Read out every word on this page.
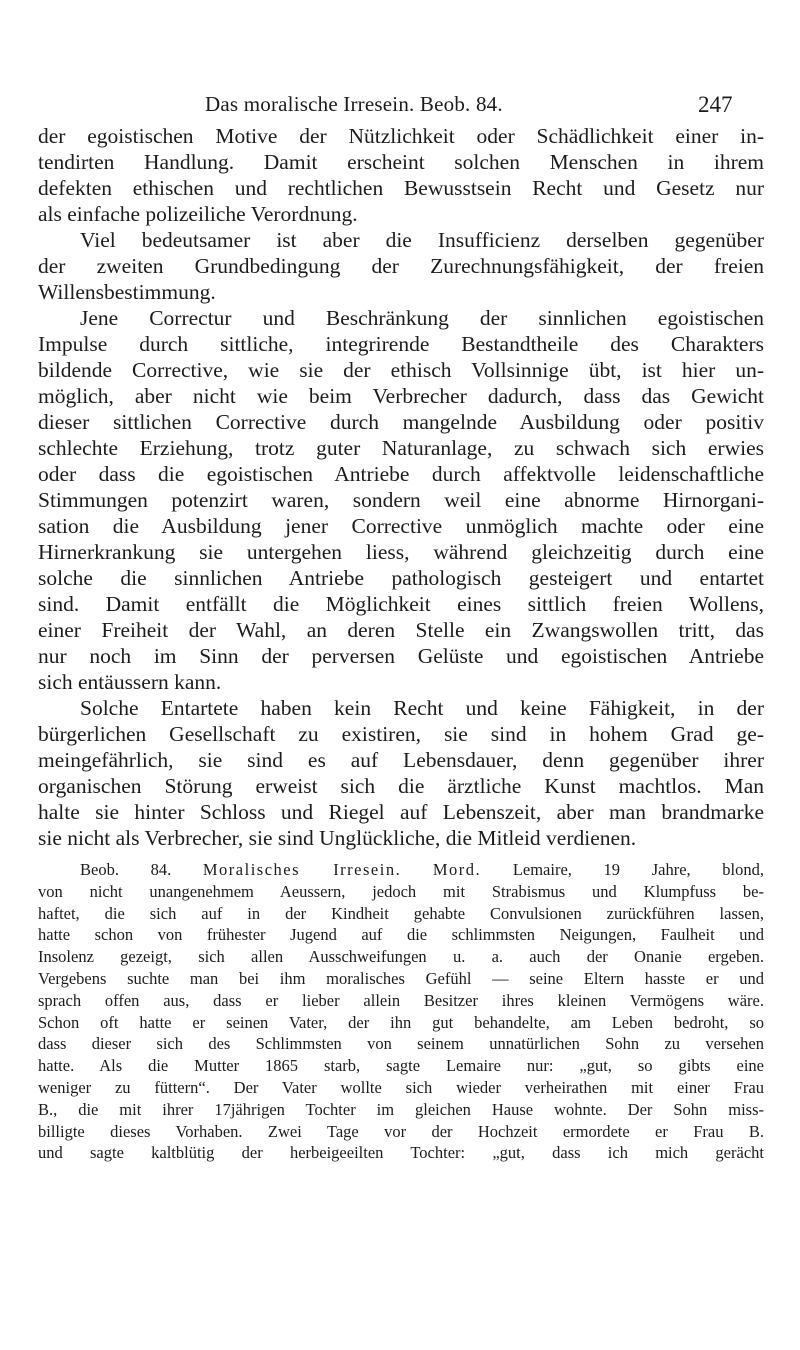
Das moralische Irresein. Beob. 84.	247
der egoistischen Motive der Nützlichkeit oder Schädlichkeit einer in-
tendirten Handlung. Damit erscheint solchen Menschen in ihrem
defekten ethischen und rechtlichen Bewusstsein Recht und Gesetz nur
als einfache polizeiliche Verordnung.
Viel bedeutsamer ist aber die Insufficienz derselben gegenüber
der zweiten Grundbedingung der Zurechnungsfähigkeit, der freien
Willensbestimmung.
Jene Correctur und Beschränkung der sinnlichen egoistischen
Impulse durch sittliche, integrirende Bestandtheile des Charakters
bildende Corrective, wie sie der ethisch Vollsinnige übt, ist hier un-
möglich, aber nicht wie beim Verbrecher dadurch, dass das Gewicht
dieser sittlichen Corrective durch mangelnde Ausbildung oder positiv
schlechte Erziehung, trotz guter Naturanlage, zu schwach sich erwies
oder dass die egoistischen Antriebe durch affektvolle leidenschaftliche
Stimmungen potenzirt waren, sondern weil eine abnorme Hirnorgani-
sation die Ausbildung jener Corrective unmöglich machte oder eine
Hirnerkrankung sie untergehen liess, während gleichzeitig durch eine
solche die sinnlichen Antriebe pathologisch gesteigert und entartet
sind. Damit entfällt die Möglichkeit eines sittlich freien Wollens,
einer Freiheit der Wahl, an deren Stelle ein Zwangswollen tritt, das
nur noch im Sinn der perversen Gelüste und egoistischen Antriebe
sich entäussern kann.
Solche Entartete haben kein Recht und keine Fähigkeit, in der
bürgerlichen Gesellschaft zu existiren, sie sind in hohem Grad ge-
meingefährlich, sie sind es auf Lebensdauer, denn gegenüber ihrer
organischen Störung erweist sich die ärztliche Kunst machtlos. Man
halte sie hinter Schloss und Riegel auf Lebenszeit, aber man brandmarke
sie nicht als Verbrecher, sie sind Unglückliche, die Mitleid verdienen.
Beob. 84. Moralisches Irresein. Mord. Lemaire, 19 Jahre, blond,
von nicht unangenehmem Aeussern, jedoch mit Strabismus und Klumpfuss be-
haftet, die sich auf in der Kindheit gehabte Convulsionen zurückführen lassen,
hatte schon von frühester Jugend auf die schlimmsten Neigungen, Faulheit und
Insolenz gezeigt, sich allen Ausschweifungen u. a. auch der Onanie ergeben.
Vergebens suchte man bei ihm moralisches Gefühl — seine Eltern hasste er und
sprach offen aus, dass er lieber allein Besitzer ihres kleinen Vermögens wäre.
Schon oft hatte er seinen Vater, der ihn gut behandelte, am Leben bedroht, so
dass dieser sich des Schlimmsten von seinem unnatürlichen Sohn zu versehen
hatte. Als die Mutter 1865 starb, sagte Lemaire nur: „gut, so gibts eine
weniger zu füttern“. Der Vater wollte sich wieder verheirathen mit einer Frau
B., die mit ihrer 17jährigen Tochter im gleichen Hause wohnte. Der Sohn miss-
billigte dieses Vorhaben. Zwei Tage vor der Hochzeit ermordete er Frau B.
und sagte kaltblütig der herbeigeeilten Tochter: „gut, dass ich mich gerächt
